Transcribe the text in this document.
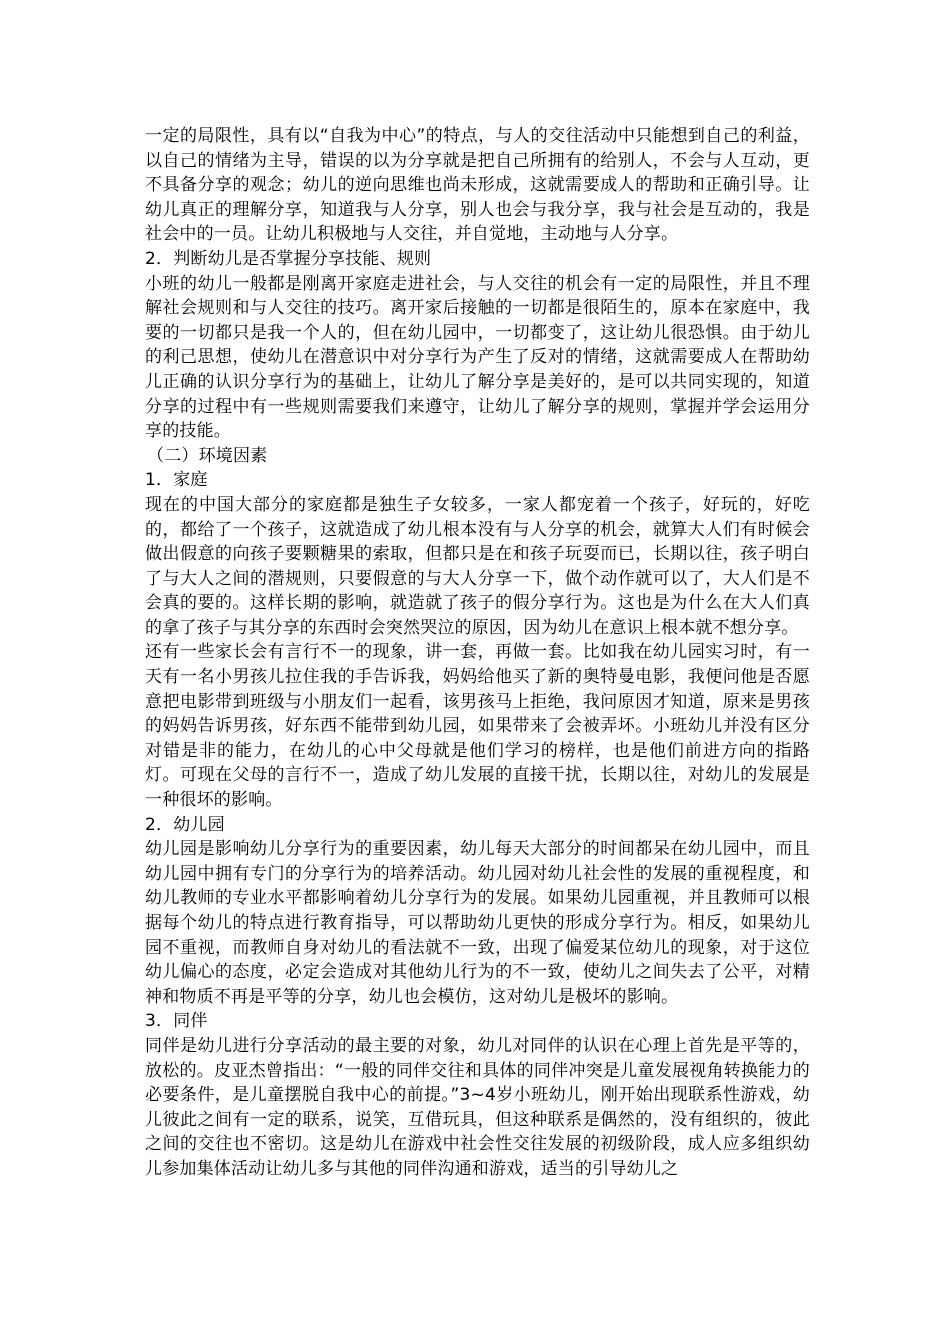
一定的局限性，具有以“自我为中心”的特点，与人的交往活动中只能想到自己的利益，以自己的情绪为主导，错误的以为分享就是把自己所拥有的给别人，不会与人互动，更不具备分享的观念；幼儿的逆向思维也尚未形成，这就需要成人的帮助和正确引导。让幼儿真正的理解分享，知道我与人分享，别人也会与我分享，我与社会是互动的，我是社会中的一员。让幼儿积极地与人交往，并自觉地，主动地与人分享。

2．判断幼儿是否掌握分享技能、规则

小班的幼儿一般都是刚离开家庭走进社会，与人交往的机会有一定的局限性，并且不理解社会规则和与人交往的技巧。离开家后接触的一切都是很陌生的，原本在家庭中，我要的一切都只是我一个人的，但在幼儿园中，一切都变了，这让幼儿很恐惧。由于幼儿的利己思想，使幼儿在潜意识中对分享行为产生了反对的情绪，这就需要成人在帮助幼儿正确的认识分享行为的基础上，让幼儿了解分享是美好的，是可以共同实现的，知道分享的过程中有一些规则需要我们来遵守，让幼儿了解分享的规则，掌握并学会运用分享的技能。

（二）环境因素

1．家庭

现在的中国大部分的家庭都是独生子女较多，一家人都宠着一个孩子，好玩的，好吃的，都给了一个孩子，这就造成了幼儿根本没有与人分享的机会，就算大人们有时候会做出假意的向孩子要颗糖果的索取，但都只是在和孩子玩耍而已，长期以往，孩子明白了与大人之间的潜规则，只要假意的与大人分享一下，做个动作就可以了，大人们是不会真的要的。这样长期的影响，就造就了孩子的假分享行为。这也是为什么在大人们真的拿了孩子与其分享的东西时会突然哭泣的原因，因为幼儿在意识上根本就不想分享。

还有一些家长会有言行不一的现象，讲一套，再做一套。比如我在幼儿园实习时，有一天有一名小男孩儿拉住我的手告诉我，妈妈给他买了新的奥特曼电影，我便问他是否愿意把电影带到班级与小朋友们一起看，该男孩马上拒绝，我问原因才知道，原来是男孩的妈妈告诉男孩，好东西不能带到幼儿园，如果带来了会被弄坏。小班幼儿并没有区分对错是非的能力，在幼儿的心中父母就是他们学习的榜样，也是他们前进方向的指路灯。可现在父母的言行不一，造成了幼儿发展的直接干扰，长期以往，对幼儿的发展是一种很坏的影响。

2．幼儿园

幼儿园是影响幼儿分享行为的重要因素，幼儿每天大部分的时间都呆在幼儿园中，而且幼儿园中拥有专门的分享行为的培养活动。幼儿园对幼儿社会性的发展的重视程度，和幼儿教师的专业水平都影响着幼儿分享行为的发展。如果幼儿园重视，并且教师可以根据每个幼儿的特点进行教育指导，可以帮助幼儿更快的形成分享行为。相反，如果幼儿园不重视，而教师自身对幼儿的看法就不一致，出现了偏爱某位幼儿的现象，对于这位幼儿偏心的态度，必定会造成对其他幼儿行为的不一致，使幼儿之间失去了公平，对精神和物质不再是平等的分享，幼儿也会模仿，这对幼儿是极坏的影响。

3．同伴

同伴是幼儿进行分享活动的最主要的对象，幼儿对同伴的认识在心理上首先是平等的，放松的。皮亚杰曾指出：“一般的同伴交往和具体的同伴冲突是儿童发展视角转换能力的必要条件，是儿童摆脱自我中心的前提。”3~4岁小班幼儿，刚开始出现联系性游戏，幼儿彼此之间有一定的联系，说笑，互借玩具，但这种联系是偶然的，没有组织的，彼此之间的交往也不密切。这是幼儿在游戏中社会性交往发展的初级阶段，成人应多组织幼儿参加集体活动让幼儿多与其他的同伴沟通和游戏，适当的引导幼儿之
